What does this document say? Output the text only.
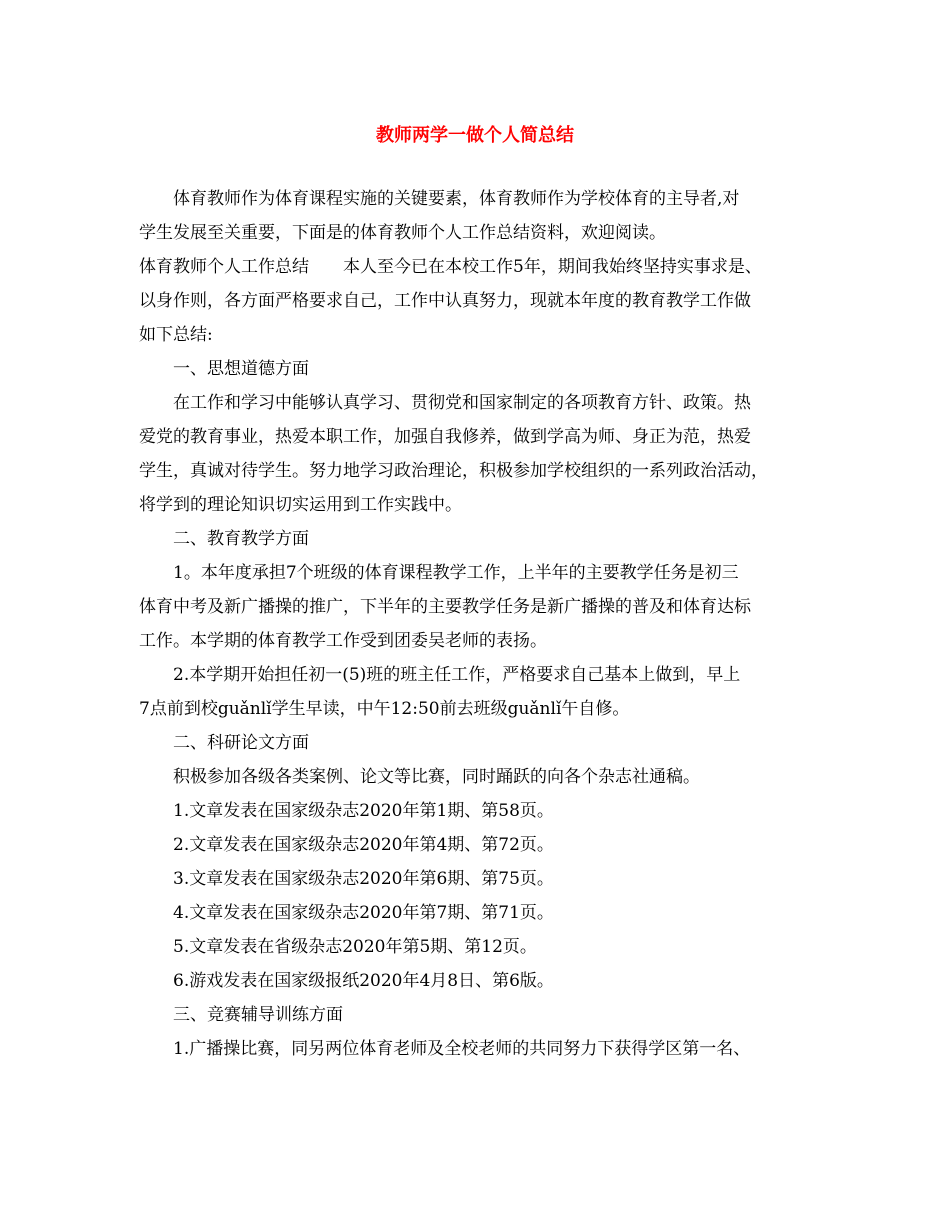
教师两学一做个人简总结

体育教师作为体育课程实施的关键要素，体育教师作为学校体育的主导者,对

学生发展至关重要，下面是的体育教师个人工作总结资料，欢迎阅读。

体育教师个人工作总结　　本人至今已在本校工作5年，期间我始终坚持实事求是、

以身作则，各方面严格要求自己，工作中认真努力，现就本年度的教育教学工作做

如下总结:

一、思想道德方面

在工作和学习中能够认真学习、贯彻党和国家制定的各项教育方针、政策。热

爱党的教育事业，热爱本职工作，加强自我修养，做到学高为师、身正为范，热爱

学生，真诚对待学生。努力地学习政治理论，积极参加学校组织的一系列政治活动，

将学到的理论知识切实运用到工作实践中。

二、教育教学方面

1。本年度承担7个班级的体育课程教学工作，上半年的主要教学任务是初三

体育中考及新广播操的推广，下半年的主要教学任务是新广播操的普及和体育达标

工作。本学期的体育教学工作受到团委吴老师的表扬。

2.本学期开始担任初一(5)班的班主任工作，严格要求自己基本上做到，早上

7点前到校guǎnlǐ学生早读，中午12:50前去班级guǎnlǐ午自修。

二、科研论文方面

积极参加各级各类案例、论文等比赛，同时踊跃的向各个杂志社通稿。

1.文章发表在国家级杂志2020年第1期、第58页。

2.文章发表在国家级杂志2020年第4期、第72页。

3.文章发表在国家级杂志2020年第6期、第75页。

4.文章发表在国家级杂志2020年第7期、第71页。

5.文章发表在省级杂志2020年第5期、第12页。

6.游戏发表在国家级报纸2020年4月8日、第6版。

三、竞赛辅导训练方面

1.广播操比赛，同另两位体育老师及全校老师的共同努力下获得学区第一名、
